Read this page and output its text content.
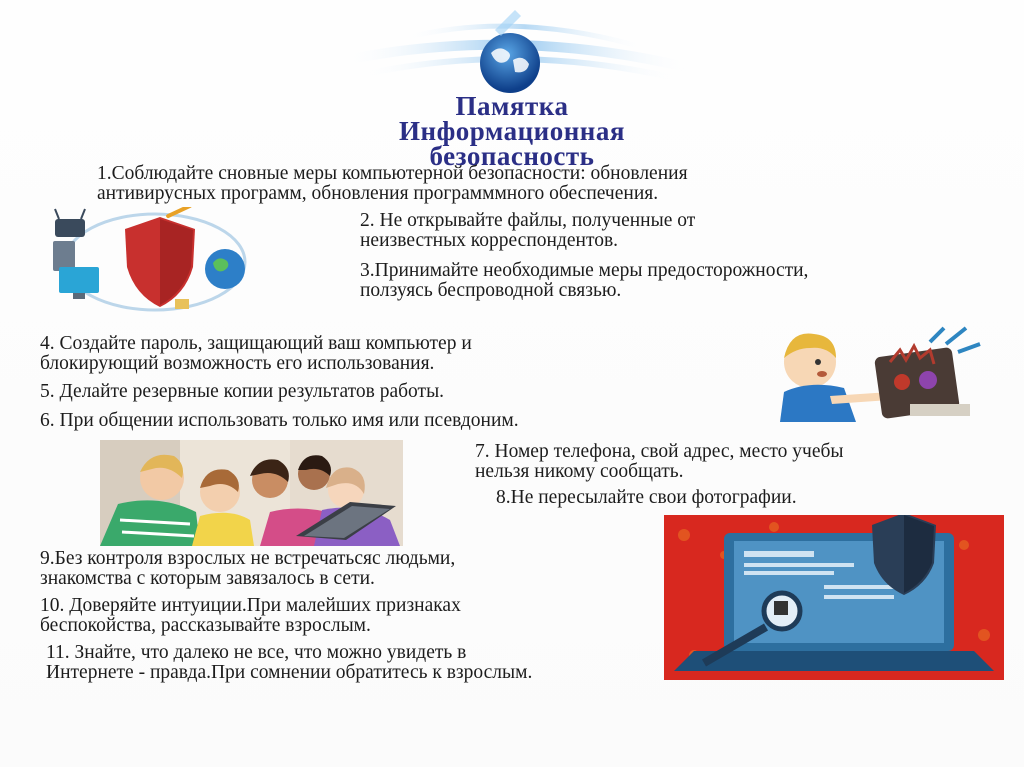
Памятка
Информационная
безопасность
1.Соблюдайте сновные меры компьютерной безопасности: обновления
антивирусных программ, обновления программмного обеспечения.
2. Не открывайте файлы, полученные от
неизвестных корреспондентов.
3.Принимайте необходимые меры предосторожности,
ползуясь беспроводной связью.
4. Создайте пароль, защищающий ваш компьютер и
блокирующий возможность его использования.
5. Делайте резервные копии результатов работы.
6. При общении использовать только имя или псевдоним.
7. Номер телефона, свой адрес, место учебы
нельзя никому сообщать.
8.Не пересылайте свои фотографии.
9.Без контроля взрослых не встречатьсяс людьми,
знакомства с которым завязалось в сети.
10. Доверяйте интуиции.При малейших признаках
беспокойства, рассказывайте взрослым.
11. Знайте, что далеко не все, что можно увидеть в
Интернете - правда.При сомнении обратитесь к взрослым.
